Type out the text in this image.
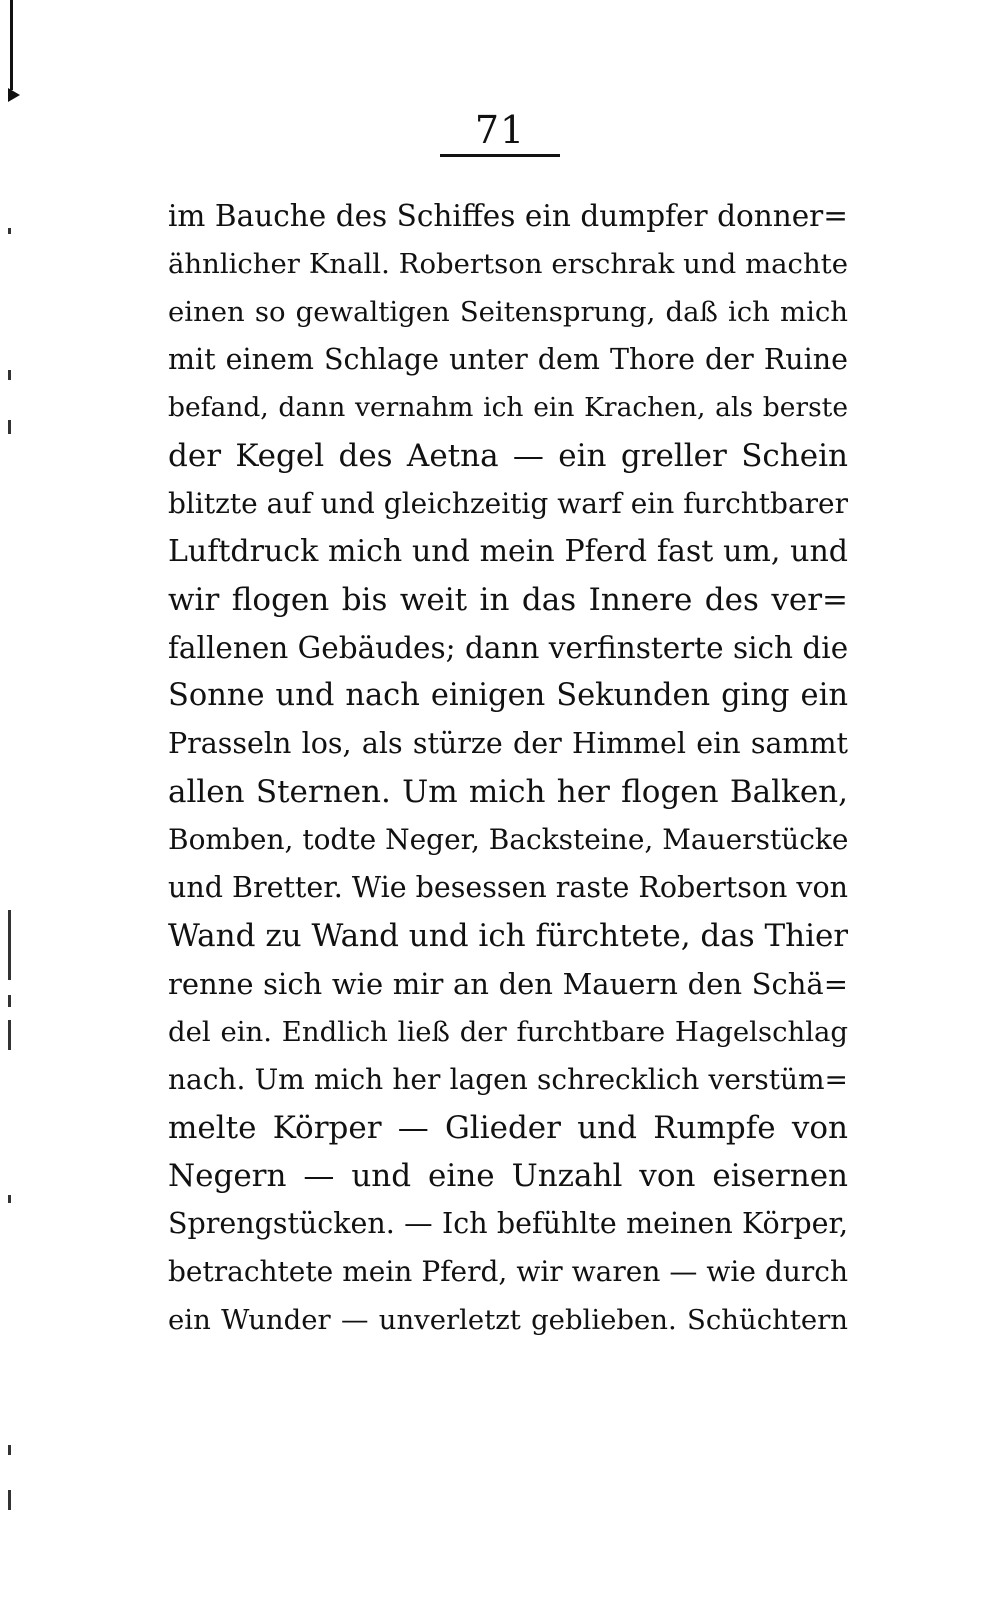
71
im Bauche des Schiffes ein dumpfer donner=
ähnlicher Knall. Robertson erschrak und machte
einen so gewaltigen Seitensprung, daß ich mich
mit einem Schlage unter dem Thore der Ruine
befand, dann vernahm ich ein Krachen, als berste
der Kegel des Aetna — ein greller Schein
blitzte auf und gleichzeitig warf ein furchtbarer
Luftdruck mich und mein Pferd fast um, und
wir flogen bis weit in das Innere des ver=
fallenen Gebäudes; dann verfinsterte sich die
Sonne und nach einigen Sekunden ging ein
Prasseln los, als stürze der Himmel ein sammt
allen Sternen. Um mich her flogen Balken,
Bomben, todte Neger, Backsteine, Mauerstücke
und Bretter. Wie besessen raste Robertson von
Wand zu Wand und ich fürchtete, das Thier
renne sich wie mir an den Mauern den Schä=
del ein. Endlich ließ der furchtbare Hagelschlag
nach. Um mich her lagen schrecklich verstüm=
melte Körper — Glieder und Rumpfe von
Negern — und eine Unzahl von eisernen
Sprengstücken. — Ich befühlte meinen Körper,
betrachtete mein Pferd, wir waren — wie durch
ein Wunder — unverletzt geblieben. Schüchtern
